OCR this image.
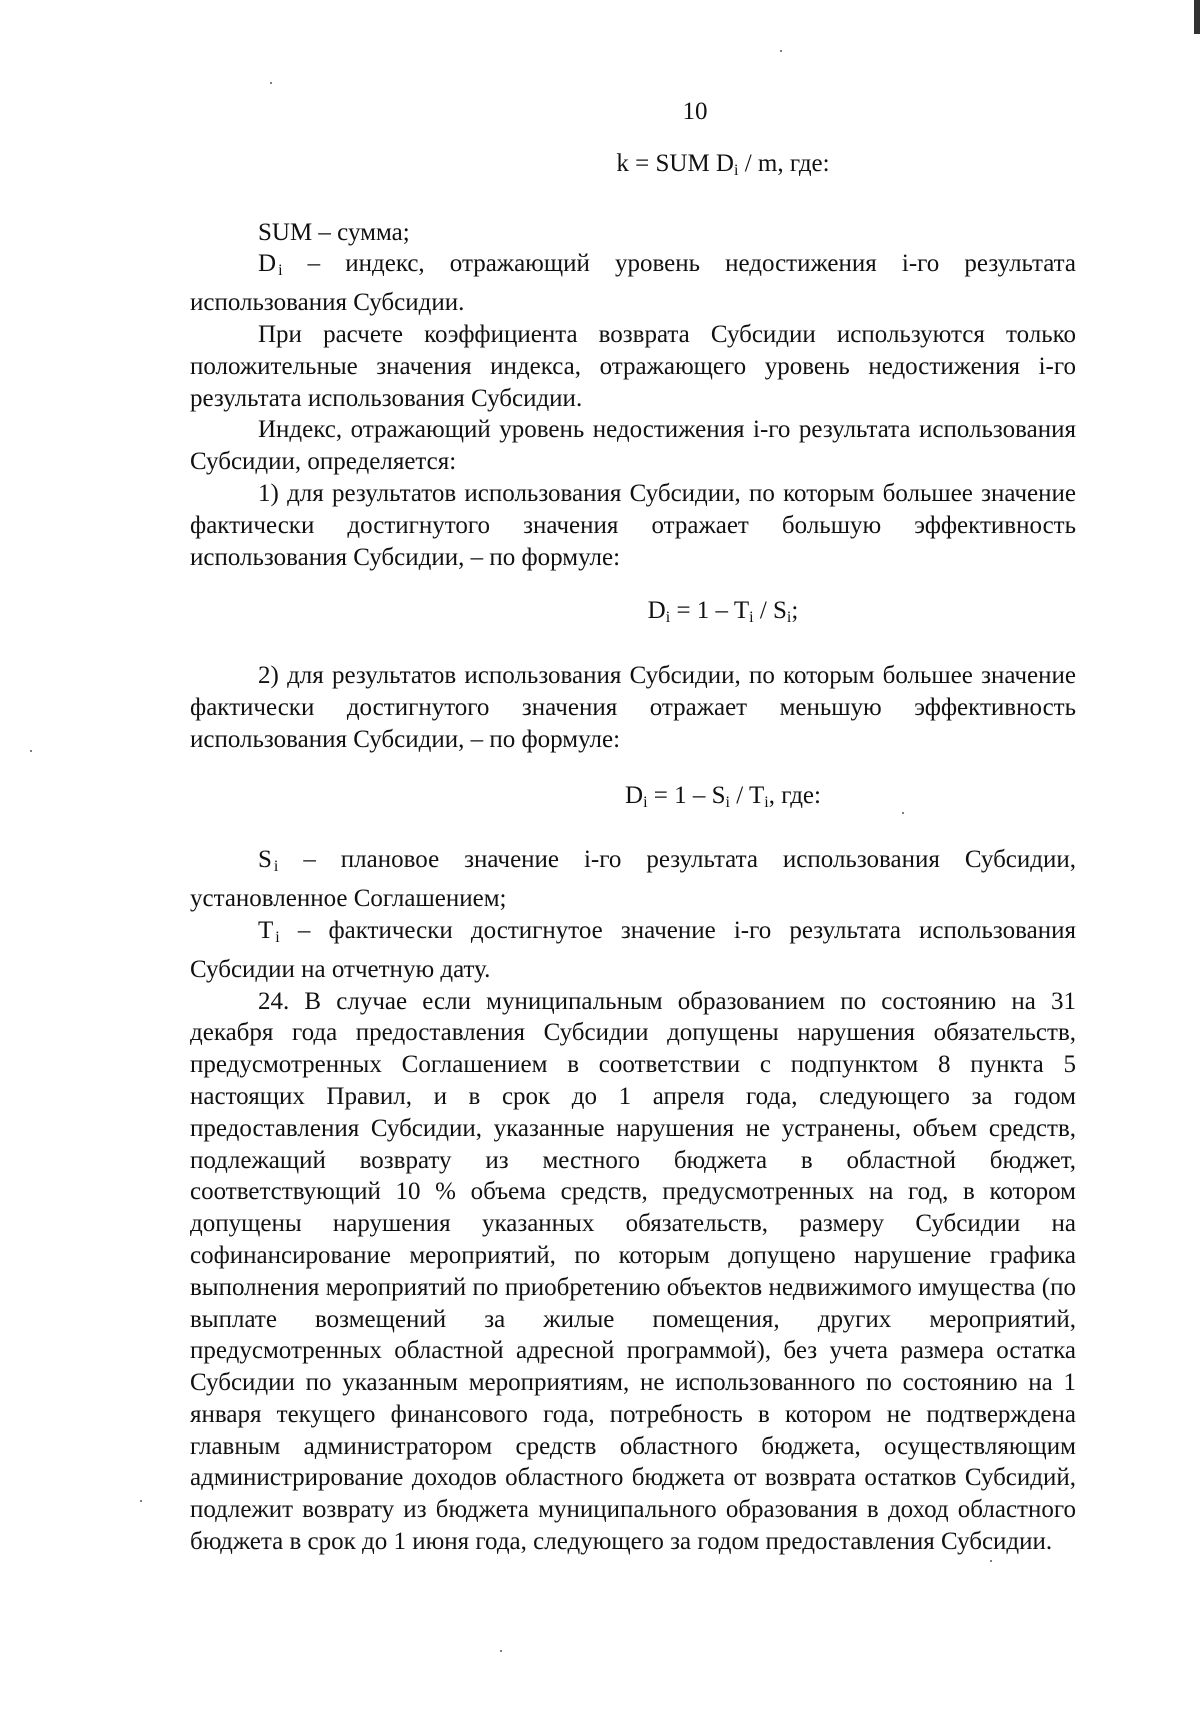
10
k = SUM $D_i$ / m, где:

SUM – сумма;

$D_i$ – индекс, отражающий уровень недостижения i-го результата использования Субсидии.

При расчете коэффициента возврата Субсидии используются только положительные значения индекса, отражающего уровень недостижения i-го результата использования Субсидии.

Индекс, отражающий уровень недостижения i-го результата использования Субсидии, определяется:

1) для результатов использования Субсидии, по которым большее значение фактически достигнутого значения отражает большую эффективность использования Субсидии, – по формуле:

$D_i = 1 - T_i / S_i$;

2) для результатов использования Субсидии, по которым большее значение фактически достигнутого значения отражает меньшую эффективность использования Субсидии, – по формуле:

$D_i = 1 - S_i / T_i$, где:

$S_i$ – плановое значение i-го результата использования Субсидии, установленное Соглашением;

$T_i$ – фактически достигнутое значение i-го результата использования Субсидии на отчетную дату.

24. В случае если муниципальным образованием по состоянию на 31 декабря года предоставления Субсидии допущены нарушения обязательств, предусмотренных Соглашением в соответствии с подпунктом 8 пункта 5 настоящих Правил, и в срок до 1 апреля года, следующего за годом предоставления Субсидии, указанные нарушения не устранены, объем средств, подлежащий возврату из местного бюджета в областной бюджет, соответствующий 10 % объема средств, предусмотренных на год, в котором допущены нарушения указанных обязательств, размеру Субсидии на софинансирование мероприятий, по которым допущено нарушение графика выполнения мероприятий по приобретению объектов недвижимого имущества (по выплате возмещений за жилые помещения, других мероприятий, предусмотренных областной адресной программой), без учета размера остатка Субсидии по указанным мероприятиям, не использованного по состоянию на 1 января текущего финансового года, потребность в котором не подтверждена главным администратором средств областного бюджета, осуществляющим администрирование доходов областного бюджета от возврата остатков Субсидий, подлежит возврату из бюджета муниципального образования в доход областного бюджета в срок до 1 июня года, следующего за годом предоставления Субсидии.
